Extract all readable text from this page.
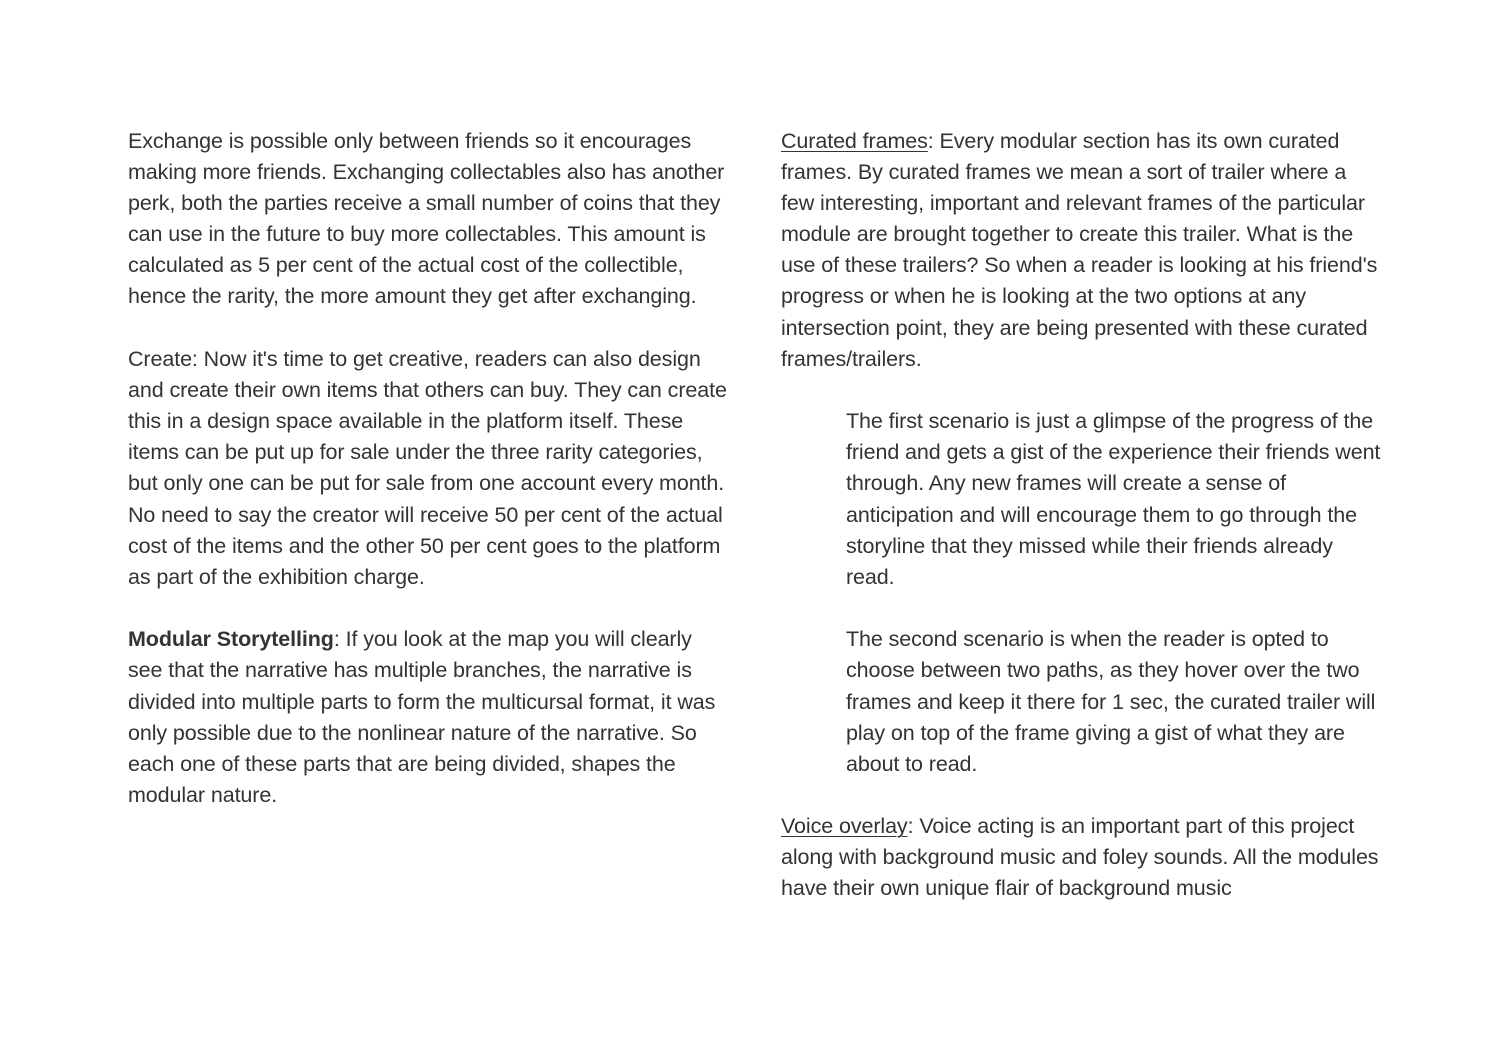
Exchange is possible only between friends so it encourages making more friends. Exchanging collectables also has another perk, both the parties receive a small number of coins that they can use in the future to buy more collectables. This amount is calculated as 5 per cent of the actual cost of the collectible, hence the rarity, the more amount they get after exchanging.

Create: Now it's time to get creative, readers can also design and create their own items that others can buy. They can create this in a design space available in the platform itself. These items can be put up for sale under the three rarity categories, but only one can be put for sale from one account every month. No need to say the creator will receive 50 per cent of the actual cost of the items and the other 50 per cent goes to the platform as part of the exhibition charge.

Modular Storytelling: If you look at the map you will clearly see that the narrative has multiple branches, the narrative is divided into multiple parts to form the multicursal format, it was only possible due to the nonlinear nature of the narrative. So each one of these parts that are being divided, shapes the modular nature.

Curated frames: Every modular section has its own curated frames. By curated frames we mean a sort of trailer where a few interesting, important and relevant frames of the particular module are brought together to create this trailer. What is the use of these trailers? So when a reader is looking at his friend's progress or when he is looking at the two options at any intersection point, they are being presented with these curated frames/trailers.

The first scenario is just a glimpse of the progress of the friend and gets a gist of the experience their friends went through. Any new frames will create a sense of anticipation and will encourage them to go through the storyline that they missed while their friends already read.

The second scenario is when the reader is opted to choose between two paths, as they hover over the two frames and keep it there for 1 sec, the curated trailer will play on top of the frame giving a gist of what they are about to read.

Voice overlay: Voice acting is an important part of this project along with background music and foley sounds. All the modules have their own unique flair of background music
